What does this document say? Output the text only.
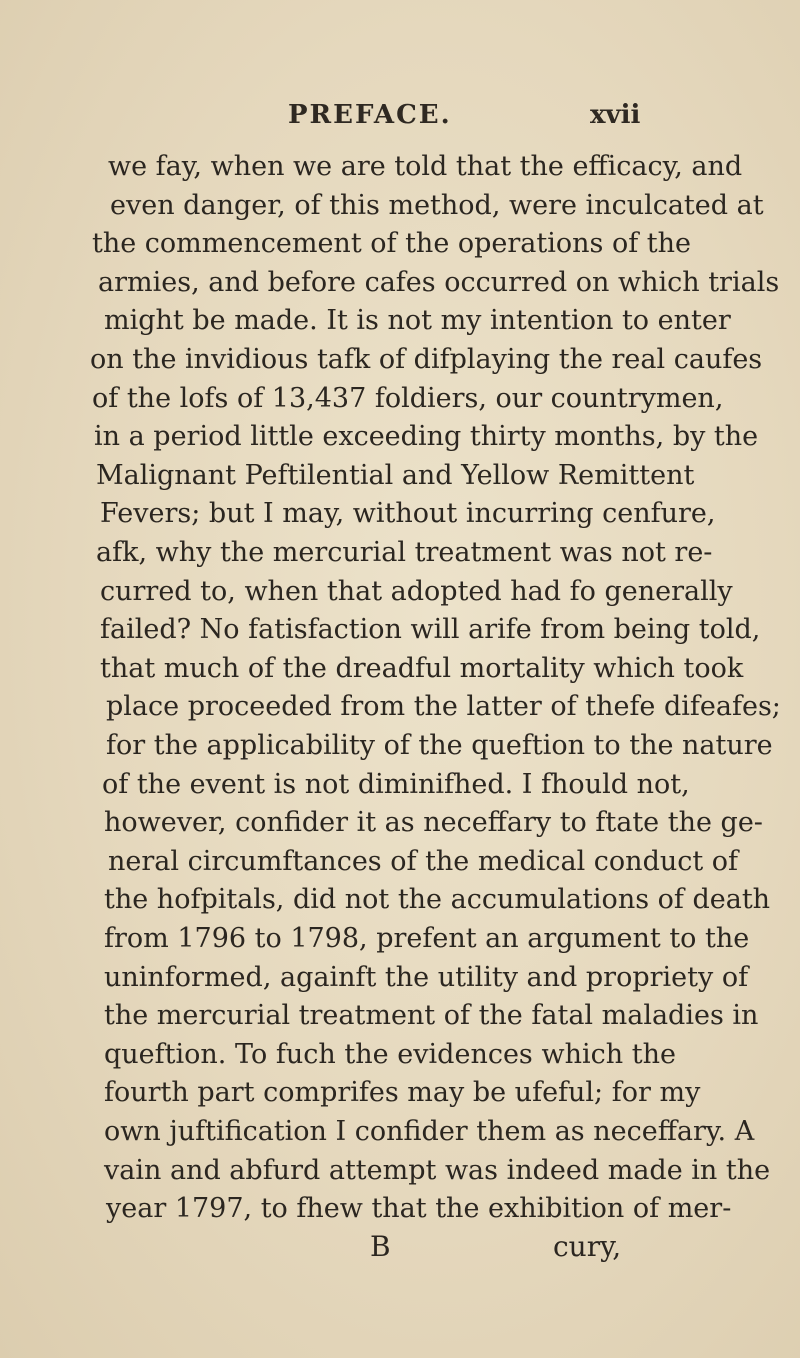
PREFACE.	xvii
we fay, when we are told that the efficacy, and
even danger, of this method, were inculcated at
the commencement of the operations of the
armies, and before cafes occurred on which trials
might be made. It is not my intention to enter
on the invidious tafk of difplaying the real caufes
of the lofs of 13,437 foldiers, our countrymen,
in a period little exceeding thirty months, by the
Malignant Peftilential and Yellow Remittent
Fevers; but I may, without incurring cenfure,
afk, why the mercurial treatment was not re-
curred to, when that adopted had fo generally
failed? No fatisfaction will arife from being told,
that much of the dreadful mortality which took
place proceeded from the latter of thefe difeafes;
for the applicability of the queftion to the nature
of the event is not diminifhed. I fhould not,
however, confider it as neceffary to ftate the ge-
neral circumftances of the medical conduct of
the hofpitals, did not the accumulations of death
from 1796 to 1798, prefent an argument to the
uninformed, againft the utility and propriety of
the mercurial treatment of the fatal maladies in
queftion. To fuch the evidences which the
fourth part comprifes may be ufeful; for my
own juftification I confider them as neceffary. A
vain and abfurd attempt was indeed made in the
year 1797, to fhew that the exhibition of mer-
B	cury,
